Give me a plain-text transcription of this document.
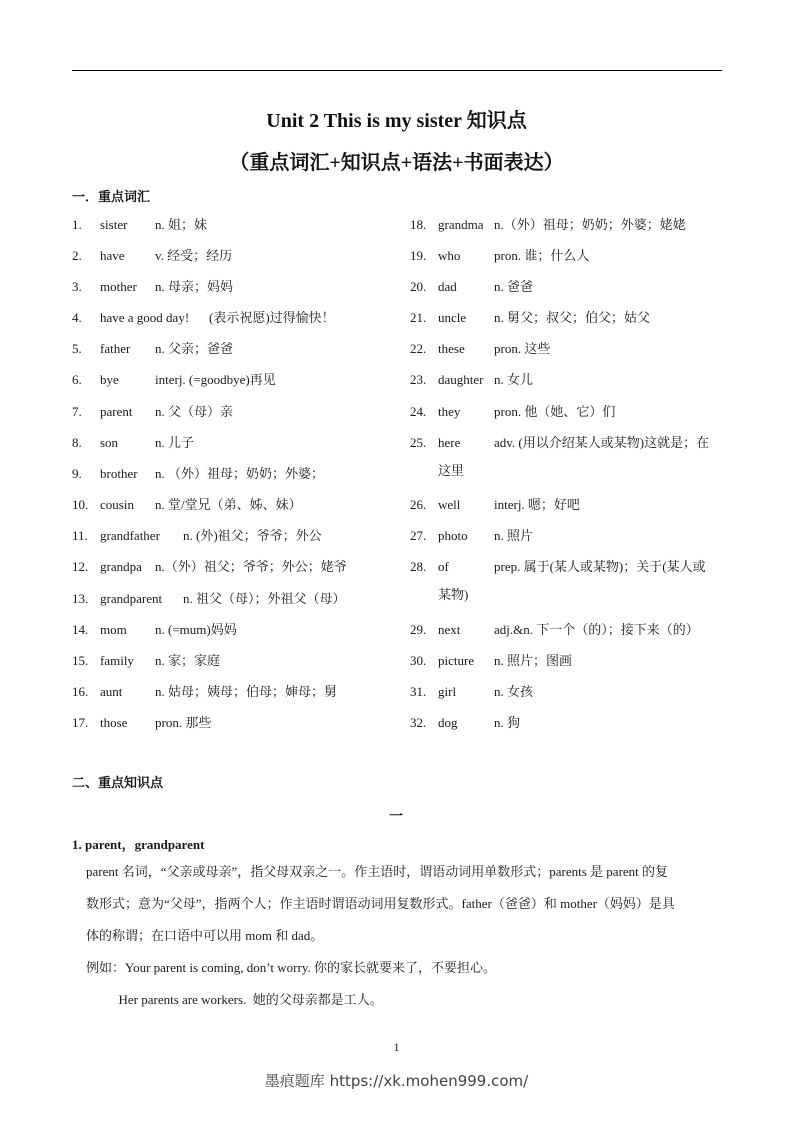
Unit 2 This is my sister 知识点
（重点词汇+知识点+语法+书面表达）
一．重点词汇
1. sister n. 姐；妹
2. have v. 经受；经历
3. mother n. 母亲；妈妈
4. have a good day! (表示祝愿)过得愉快！
5. father n. 父亲；爸爸
6. bye	interj. (=goodbye)再见
7. parent n. 父（母）亲
8. son	n. 儿子
9. brother n. （外）祖母；奶奶；外婆；
10. cousin n. 堂/堂兄（弟、姊、妹）
11. grandfather n. (外)祖父；爷爷；外公
12. grandpa n.（外）祖父；爷爷；外公；姥爷
13. grandparent n. 祖父（母）；外祖父（母）
14. mom n. (=mum)妈妈
15. family n. 家；家庭
16. aunt	n. 姑母；姨母；伯母；婶母；舅
17. those pron. 那些
18. grandma n.（外）祖母；奶奶；外婆；姥姥
19. who	pron. 谁；什么人
20. dad	n. 爸爸
21. uncle n. 舅父；叔父；伯父；姑父
22. these pron. 这些
23. daughter n. 女儿
24. they	pron. 他（她、它）们
25. here	adv. (用以介绍某人或某物)这就是；在
这里
26. well	interj. 嗯；好吧
27. photo n. 照片
28. of	prep. 属于(某人或某物)；关于(某人或
某物)
29. next	adj.&n. 下一个（的）；接下来（的）
30. picture n. 照片；图画
31. girl	n. 女孩
32. dog	n. 狗
二、重点知识点
一
1. parent，grandparent
parent 名词，“父亲或母亲”，指父母双亲之一。作主语时，谓语动词用单数形式；parents 是 parent 的复
数形式；意为“父母”，指两个人；作主语时谓语动词用复数形式。father（爸爸）和 mother（妈妈）是具
体的称谓；在口语中可以用 mom 和 dad。
例如：Your parent is coming, don’t worry. 你的家长就要来了，不要担心。
Her parents are workers.  她的父母亲都是工人。
1
墨痕题库 https://xk.mohen999.com/
